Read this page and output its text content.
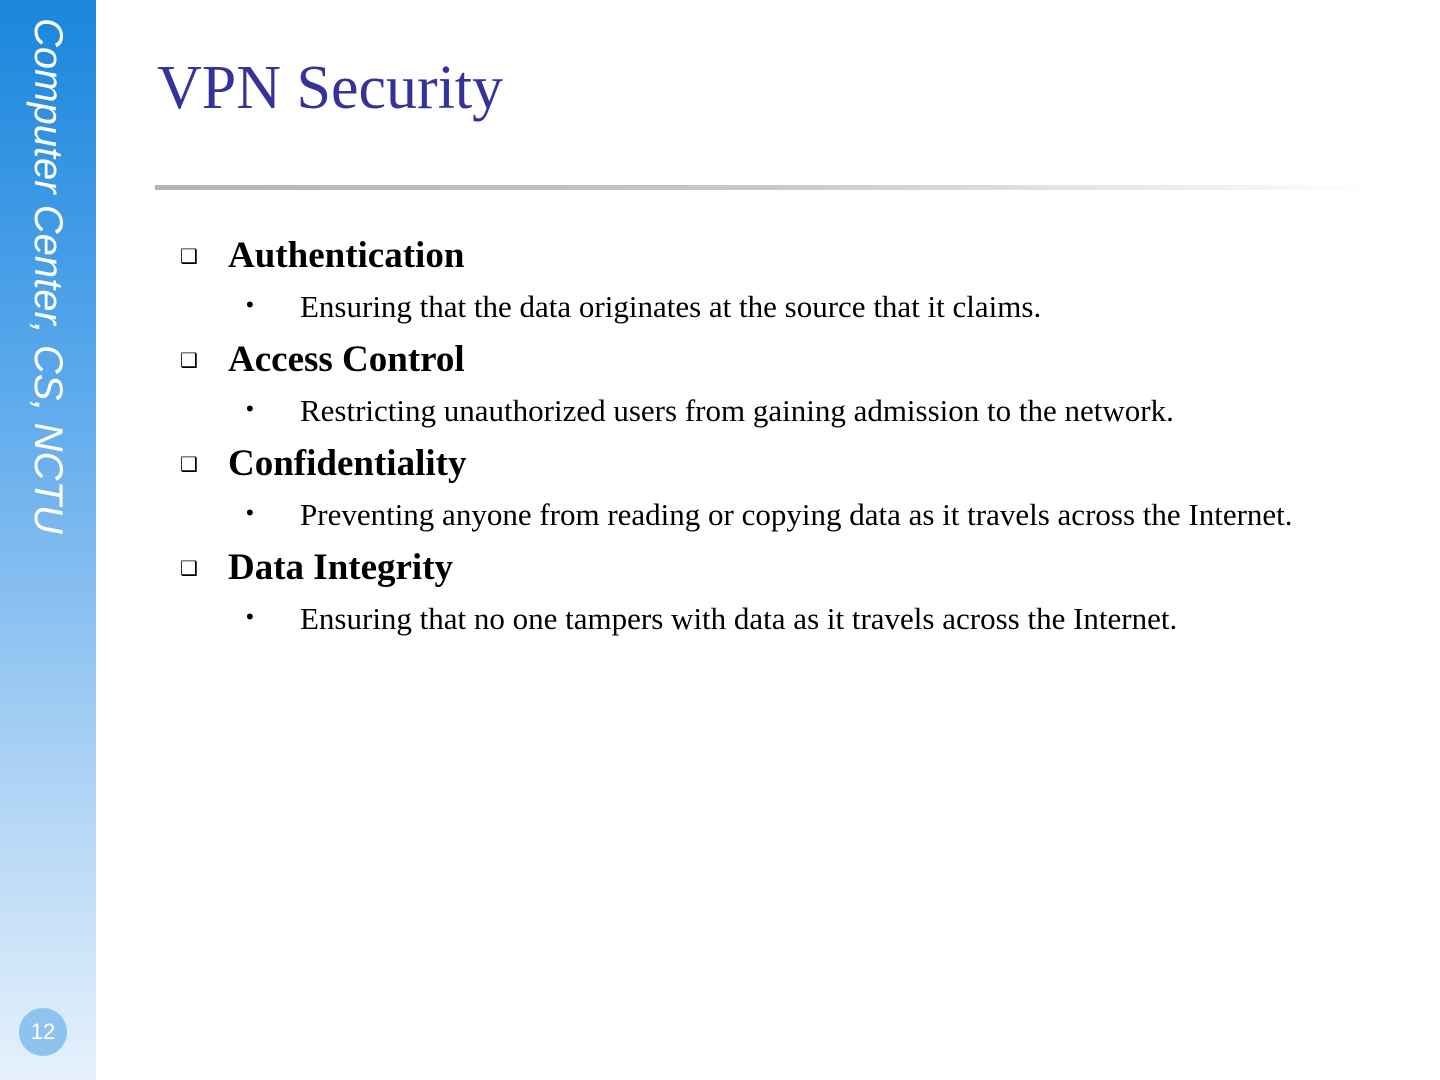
Computer Center, CS, NCTU
12
VPN Security
❑ Authentication
• Ensuring that the data originates at the source that it claims.
❑ Access Control
• Restricting unauthorized users from gaining admission to the network.
❑ Confidentiality
• Preventing anyone from reading or copying data as it travels across the Internet.
❑ Data Integrity
• Ensuring that no one tampers with data as it travels across the Internet.
